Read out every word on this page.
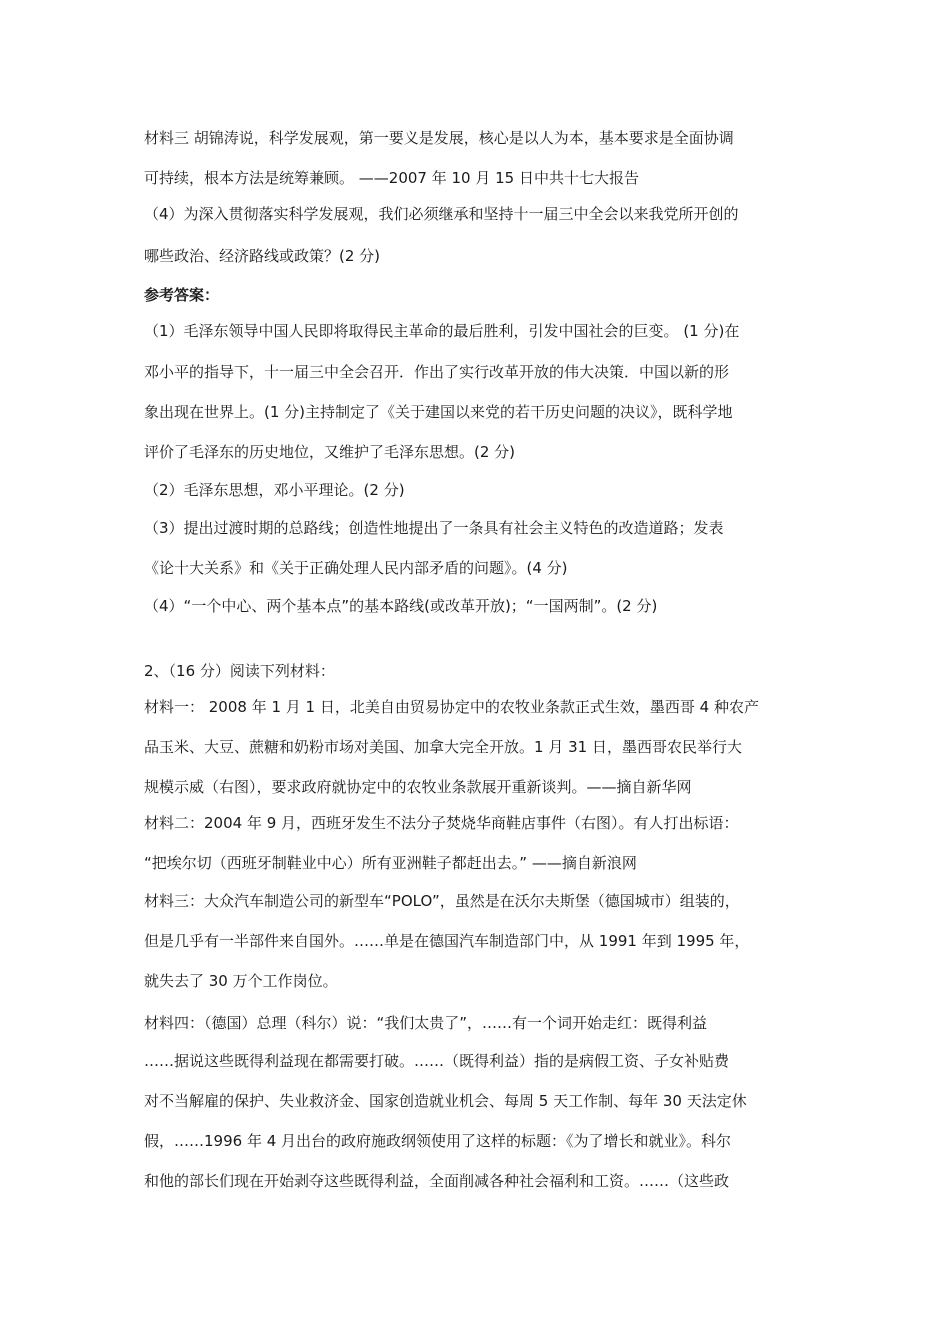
材料三 胡锦涛说，科学发展观，第一要义是发展，核心是以人为本，基本要求是全面协调
可持续，根本方法是统筹兼顾。 ——2007 年 10 月 15 日中共十七大报告
（4）为深入贯彻落实科学发展观，我们必须继承和坚持十一届三中全会以来我党所开创的
哪些政治、经济路线或政策？(2 分)
参考答案：
（1）毛泽东领导中国人民即将取得民主革命的最后胜利，引发中国社会的巨变。 (1 分)在
邓小平的指导下，十一届三中全会召开．作出了实行改革开放的伟大决策．中国以新的形
象出现在世界上。(1 分)主持制定了《关于建国以来党的若干历史问题的决议》，既科学地
评价了毛泽东的历史地位，又维护了毛泽东思想。(2 分)
（2）毛泽东思想，邓小平理论。(2 分)
（3）提出过渡时期的总路线；创造性地提出了一条具有社会主义特色的改造道路；发表
《论十大关系》和《关于正确处理人民内部矛盾的问题》。(4 分)
（4）“一个中心、两个基本点”的基本路线(或改革开放)；“一国两制”。(2 分)
2、（16 分）阅读下列材料：
材料一： 2008 年 1 月 1 日，北美自由贸易协定中的农牧业条款正式生效，墨西哥 4 种农产
品玉米、大豆、蔗糖和奶粉市场对美国、加拿大完全开放。1 月 31 日，墨西哥农民举行大
规模示威（右图），要求政府就协定中的农牧业条款展开重新谈判。——摘自新华网
材料二：2004 年 9 月，西班牙发生不法分子焚烧华商鞋店事件（右图）。有人打出标语：
“把埃尔切（西班牙制鞋业中心）所有亚洲鞋子都赶出去。” ——摘自新浪网
材料三：大众汽车制造公司的新型车“POLO”，虽然是在沃尔夫斯堡（德国城市）组装的，
但是几乎有一半部件来自国外。……单是在德国汽车制造部门中，从 1991 年到 1995 年，
就失去了 30 万个工作岗位。
材料四：（德国）总理（科尔）说：“我们太贵了”，……有一个词开始走红：既得利益
……据说这些既得利益现在都需要打破。……（既得利益）指的是病假工资、子女补贴费
对不当解雇的保护、失业救济金、国家创造就业机会、每周 5 天工作制、每年 30 天法定休
假，……1996 年 4 月出台的政府施政纲领使用了这样的标题：《为了增长和就业》。科尔
和他的部长们现在开始剥夺这些既得利益，全面削减各种社会福利和工资。……（这些政
